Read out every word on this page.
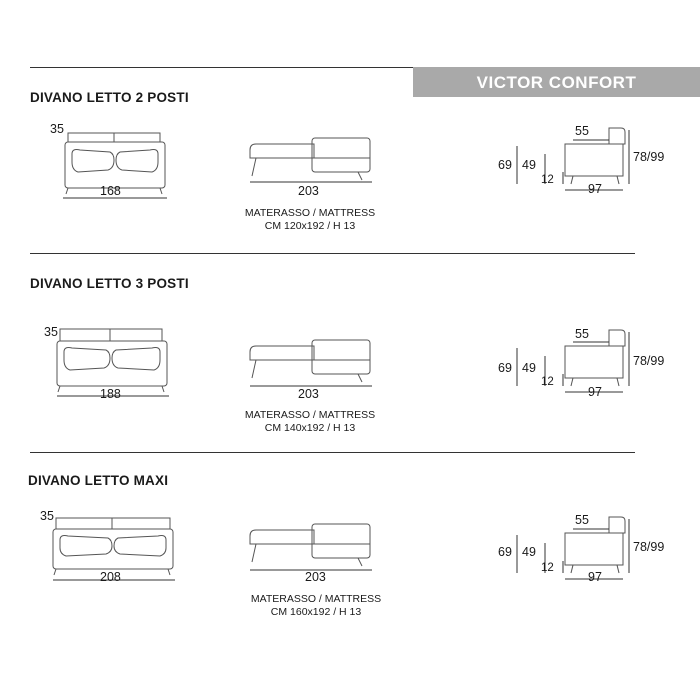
VICTOR CONFORT
DIVANO LETTO 2 POSTI
35
168	203
MATERASSO / MATTRESS
CM 120x192 / H 13
55
69 49
12
78/99
97
DIVANO LETTO 3 POSTI
35
188	203
MATERASSO / MATTRESS
CM 140x192 / H 13
55
69 49
12
78/99
97
DIVANO LETTO MAXI
35
208	203
MATERASSO / MATTRESS
CM 160x192 / H 13
55
69 49
12
78/99
97
